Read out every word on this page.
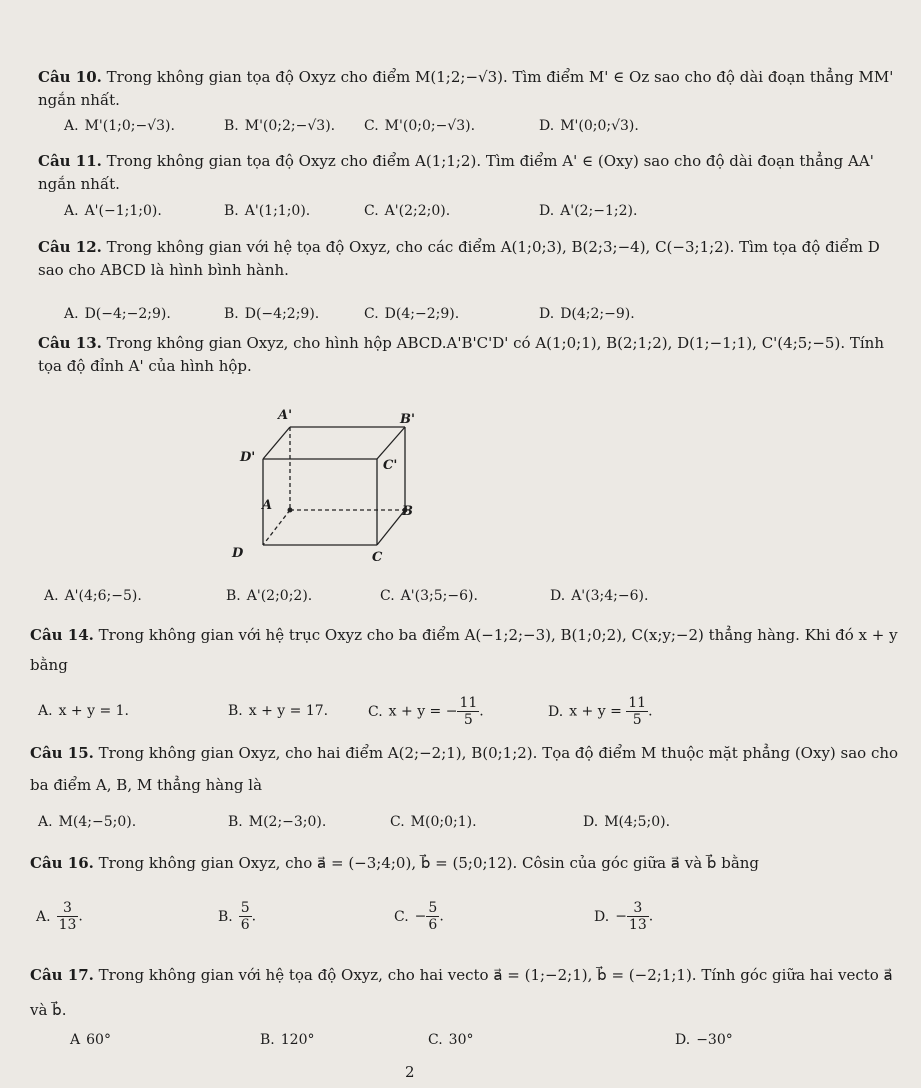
Câu 10. Trong không gian tọa độ Oxyz cho điểm M(1;2;−√3). Tìm điểm M' ∈ Oz sao cho độ dài đoạn thẳng MM' ngắn nhất.
A. M'(1;0;−√3).	B. M'(0;2;−√3). C. M'(0;0;−√3).	D. M'(0;0;√3).
Câu 11. Trong không gian tọa độ Oxyz cho điểm A(1;1;2). Tìm điểm A' ∈ (Oxy) sao cho độ dài đoạn thẳng AA' ngắn nhất.
A. A'(−1;1;0).	B. A'(1;1;0).	C. A'(2;2;0).	D. A'(2;−1;2).
Câu 12. Trong không gian với hệ tọa độ Oxyz, cho các điểm A(1;0;3), B(2;3;−4), C(−3;1;2). Tìm tọa độ điểm D sao cho ABCD là hình bình hành.
A. D(−4;−2;9).	B. D(−4;2;9).	C. D(4;−2;9).	D. D(4;2;−9).
Câu 13. Trong không gian Oxyz, cho hình hộp ABCD.A'B'C'D' có A(1;0;1), B(2;1;2), D(1;−1;1), C'(4;5;−5). Tính tọa độ đỉnh A' của hình hộp.
A'	B'
D'
C'
A	B
D	C
A. A'(4;6;−5).	B. A'(2;0;2).	C. A'(3;5;−6).	D. A'(3;4;−6).
Câu 14. Trong không gian với hệ trục Oxyz cho ba điểm A(−1;2;−3), B(1;0;2), C(x;y;−2) thẳng hàng. Khi đó x + y bằng
A. x + y = 1.	B. x + y = 17.	C. x + y = − $\frac{11}{5}$ .	D. $x + y = \frac{11}{5}$ .
Câu 15. Trong không gian Oxyz, cho hai điểm A(2;−2;1), B(0;1;2). Tọa độ điểm M thuộc mặt phẳng (Oxy) sao cho ba điểm A, B, M thẳng hàng là
A. M(4;−5;0).	B. M(2;−3;0).	C. M(0;0;1).	D. M(4;5;0).
Câu 16. Trong không gian Oxyz, cho a⃗ = (−3;4;0), b⃗ = (5;0;12). Côsin của góc giữa a⃗ và b⃗ bằng
A. $\frac{3}{13}$ .	B. $\frac{5}{6}$ .	C. − $\frac{5}{6}$ .	D. − $\frac{3}{13}$ .
Câu 17. Trong không gian với hệ tọa độ Oxyz, cho hai vecto a⃗ = (1;−2;1), b⃗ = (−2;1;1). Tính góc giữa hai vecto a⃗ và b⃗.
A 60°	B. 120°	C. 30°	D. −30°
2
